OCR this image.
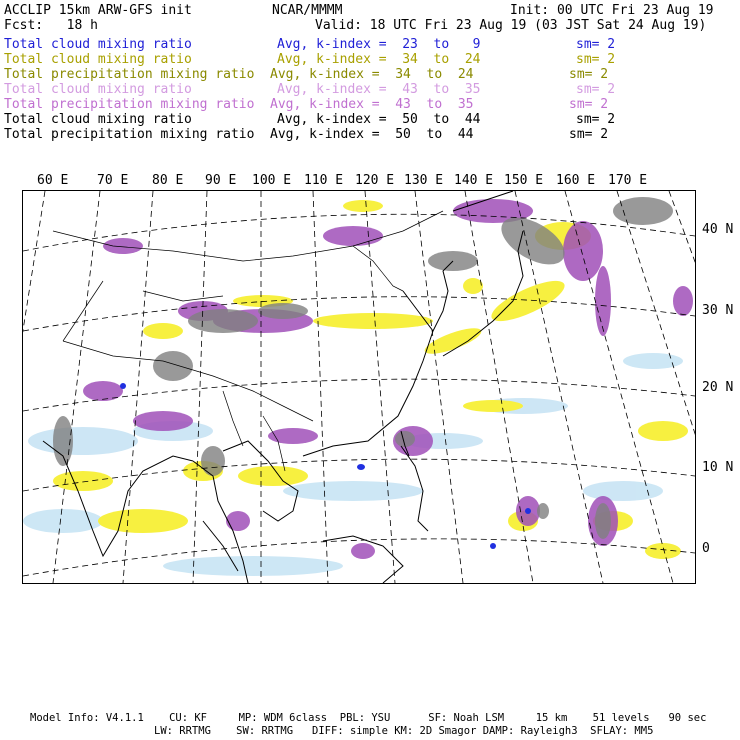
ACCLIP 15km ARW-GFS init	NCAR/MMMM	Init: 00 UTC Fri 23 Aug 19
Fcst:   18 h	Valid: 18 UTC Fri 23 Aug 19 (03 JST Sat 24 Aug 19)
Total cloud mixing ratio	Avg, k-index =  23  to   9	sm= 2
Total cloud mixing ratio	Avg, k-index =  34  to  24	sm= 2
Total precipitation mixing ratio Avg, k-index =  34  to  24	sm= 2
Total cloud mixing ratio	Avg, k-index =  43  to  35	sm= 2
Total precipitation mixing ratio Avg, k-index =  43  to  35	sm= 2
Total cloud mixing ratio	Avg, k-index =  50  to  44	sm= 2
Total precipitation mixing ratio Avg, k-index =  50  to  44	sm= 2
60 E 70 E 80 E 90 E 100 E 110 E 120 E 130 E 140 E 150 E 160 E 170 E
40 N
30 N
20 N
10 N
0
Model Info: V4.1.1    CU: KF     MP: WDM 6class  PBL: YSU      SF: Noah LSM     15 km    51 levels   90 sec
LW: RRTMG    SW: RRTMG   DIFF: simple KM: 2D Smagor DAMP: Rayleigh3  SFLAY: MM5
